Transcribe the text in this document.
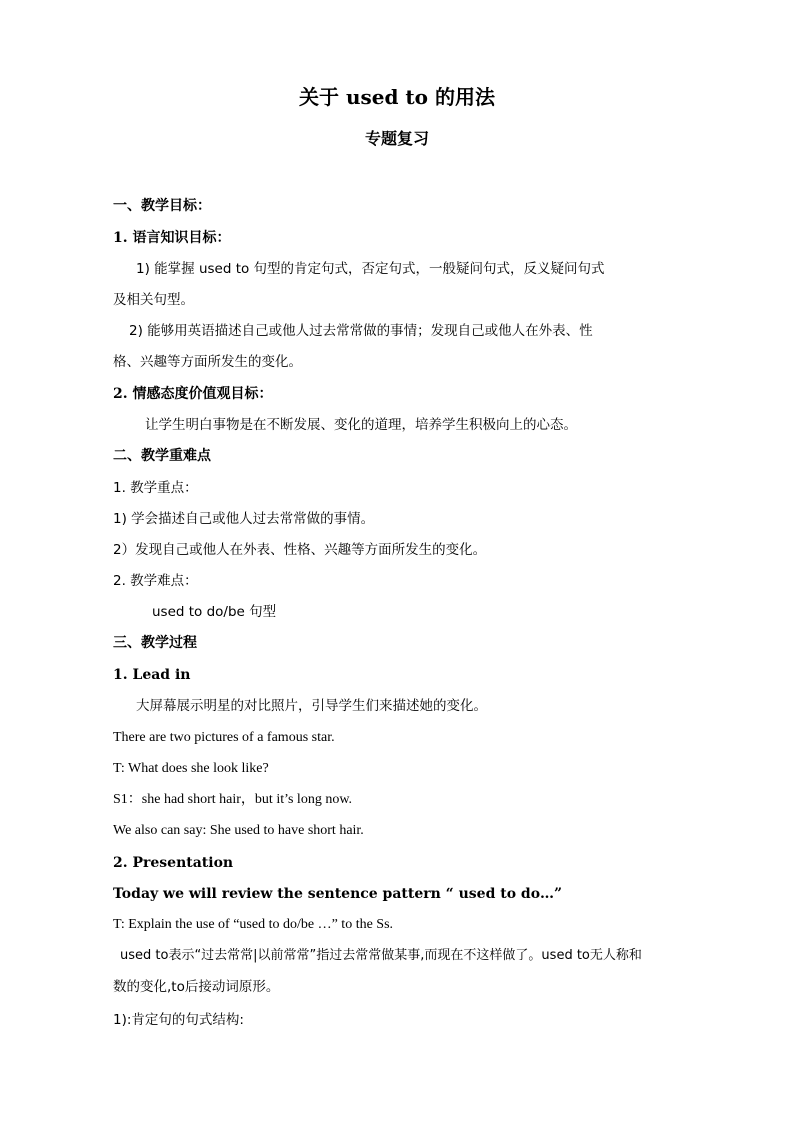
关于 used to 的用法
专题复习
一、教学目标：
1. 语言知识目标：
1) 能掌握 used to 句型的肯定句式，否定句式，一般疑问句式，反义疑问句式
及相关句型。
2) 能够用英语描述自己或他人过去常常做的事情；发现自己或他人在外表、性
格、兴趣等方面所发生的变化。
2. 情感态度价值观目标：
让学生明白事物是在不断发展、变化的道理，培养学生积极向上的心态。
二、教学重难点
1. 教学重点：
1) 学会描述自己或他人过去常常做的事情。
2）发现自己或他人在外表、性格、兴趣等方面所发生的变化。
2. 教学难点：
used to do/be 句型
三、教学过程
1. Lead in
大屏幕展示明星的对比照片，引导学生们来描述她的变化。
There are two pictures of a famous star.
T: What does she look like?
S1：she had short hair，but it’s long now.
We also can say: She used to have short hair.
2. Presentation
Today we will review the sentence pattern “ used to do…”
T: Explain the use of “used to do/be …” to the Ss.
used to表示“过去常常|以前常常”指过去常常做某事,而现在不这样做了。used to无人称和
数的变化,to后接动词原形。
1):肯定句的句式结构:
